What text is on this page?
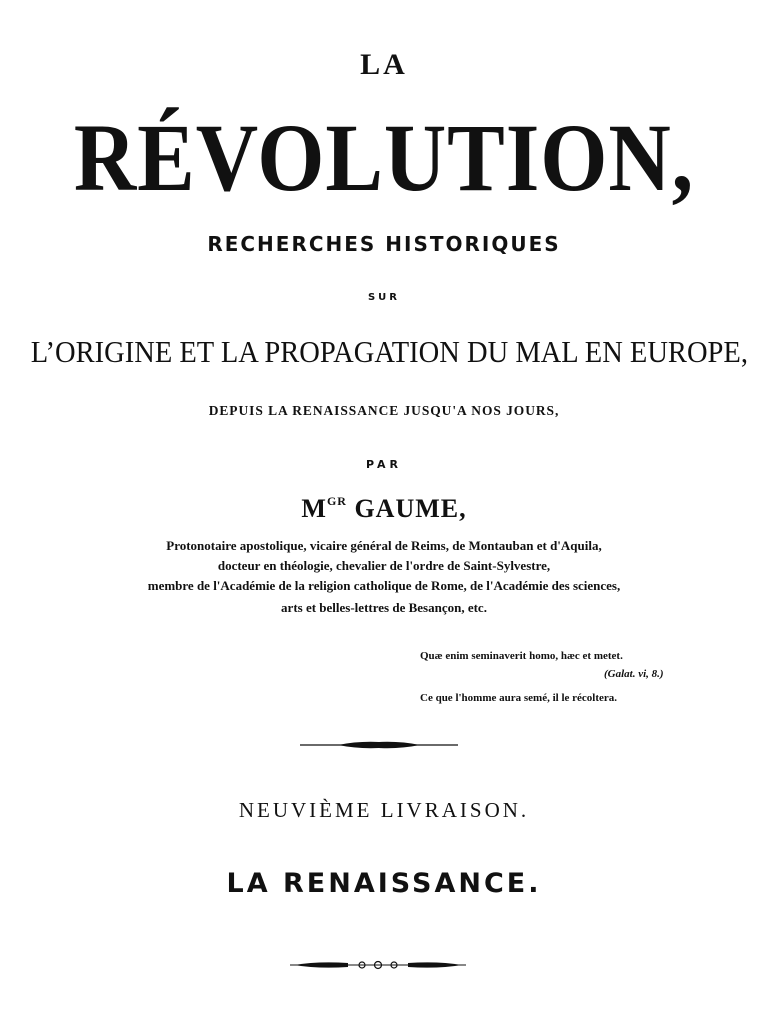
LA
RÉVOLUTION,
RECHERCHES HISTORIQUES
SUR
L’ORIGINE ET LA PROPAGATION DU MAL EN EUROPE,
DEPUIS LA RENAISSANCE JUSQU'A NOS JOURS,
PAR
$M^{GR}$ GAUME,
Protonotaire apostolique, vicaire général de Reims, de Montauban et d'Aquila,
docteur en théologie, chevalier de l'ordre de Saint-Sylvestre,
membre de l'Académie de la religion catholique de Rome, de l'Académie des sciences,
arts et belles-lettres de Besançon, etc.
Quæ enim seminaverit homo, hæc et metet.
(Galat. vi, 8.)
Ce que l'homme aura semé, il le récoltera.
NEUVIÈME LIVRAISON.
LA RENAISSANCE.
